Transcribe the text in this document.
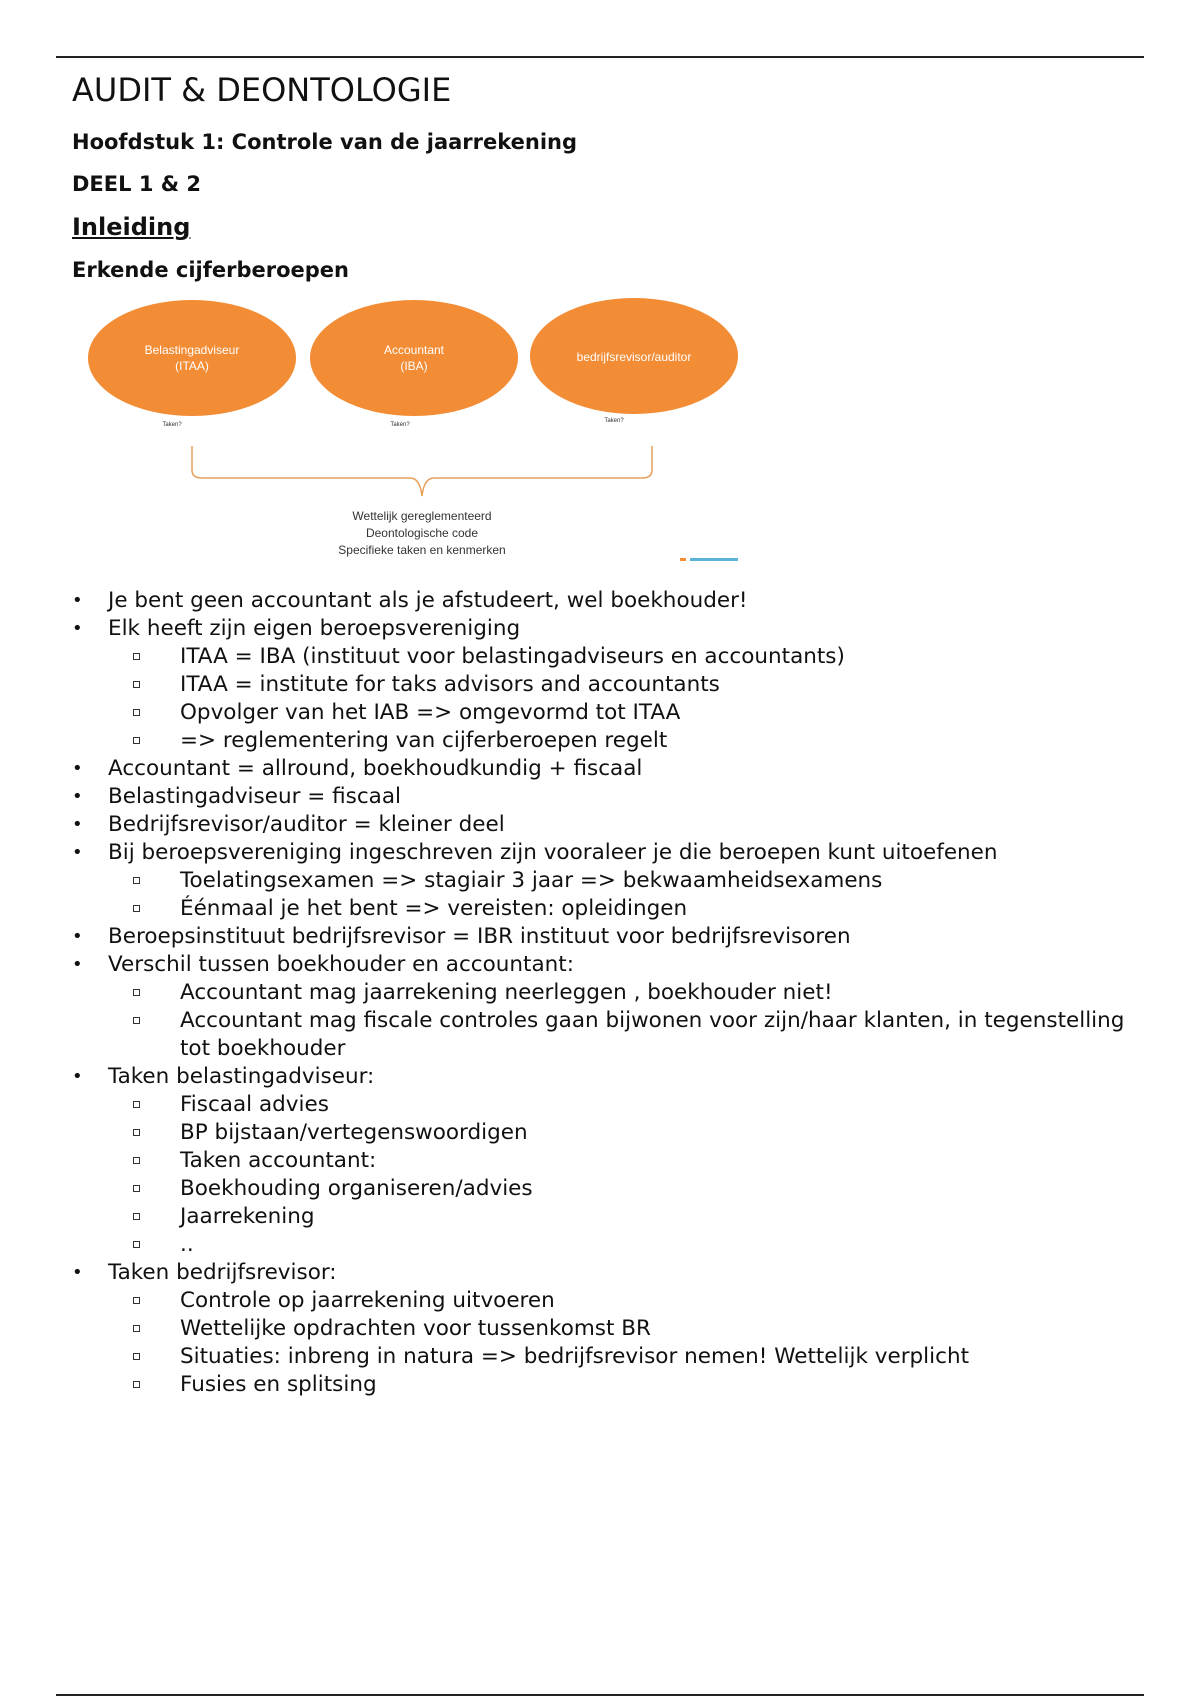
AUDIT & DEONTOLOGIE
Hoofdstuk 1: Controle van de jaarrekening
DEEL 1 & 2
Inleiding
Erkende cijferberoepen
Belastingadviseur
(ITAA)
Accountant
(IBA)
bedrijfsrevisor/auditor
Taken?	Taken?
Taken?
Wettelijk gereglementeerd
Deontologische code
Specifieke taken en kenmerken
• Je bent geen accountant als je afstudeert, wel boekhouder!
• Elk heeft zijn eigen beroepsvereniging
ITAA = IBA (instituut voor belastingadviseurs en accountants)
ITAA = institute for taks advisors and accountants
Opvolger van het IAB => omgevormd tot ITAA
=> reglementering van cijferberoepen regelt
• Accountant = allround, boekhoudkundig + fiscaal
• Belastingadviseur = fiscaal
• Bedrijfsrevisor/auditor = kleiner deel
• Bij beroepsvereniging ingeschreven zijn vooraleer je die beroepen kunt uitoefenen
Toelatingsexamen => stagiair 3 jaar => bekwaamheidsexamens
Éénmaal je het bent => vereisten: opleidingen
• Beroepsinstituut bedrijfsrevisor = IBR instituut voor bedrijfsrevisoren
• Verschil tussen boekhouder en accountant:
Accountant mag jaarrekening neerleggen , boekhouder niet!
Accountant mag fiscale controles gaan bijwonen voor zijn/haar klanten, in tegenstelling tot boekhouder
• Taken belastingadviseur:
Fiscaal advies
BP bijstaan/vertegenswoordigen
Taken accountant:
Boekhouding organiseren/advies
Jaarrekening
..
• Taken bedrijfsrevisor:
Controle op jaarrekening uitvoeren
Wettelijke opdrachten voor tussenkomst BR
Situaties: inbreng in natura => bedrijfsrevisor nemen! Wettelijk verplicht
Fusies en splitsing
